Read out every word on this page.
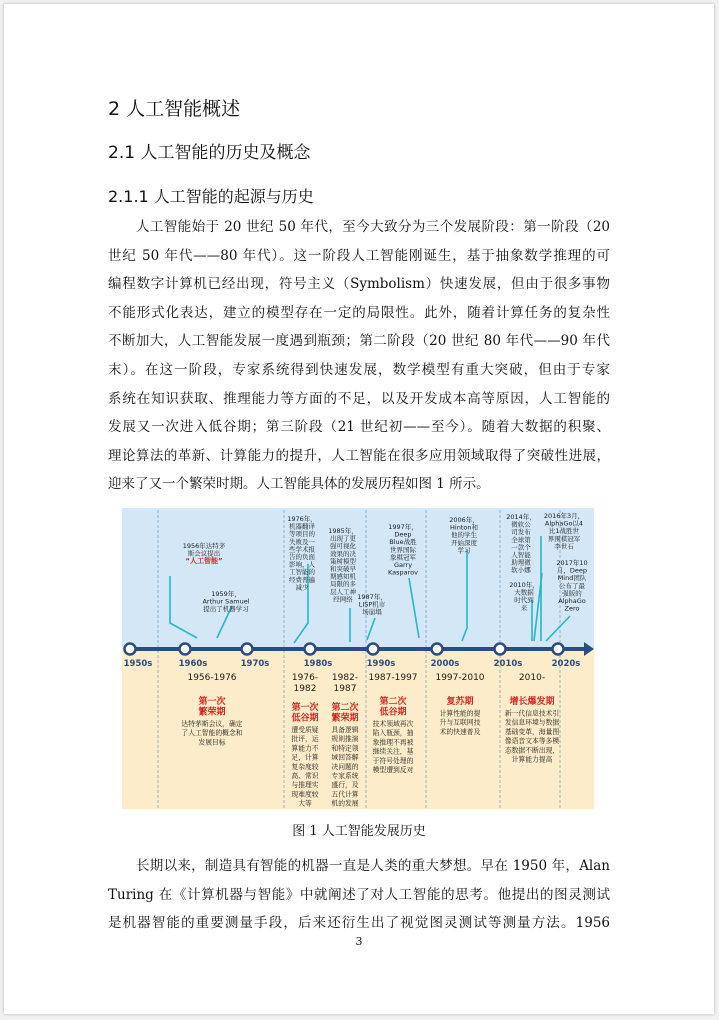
2 人工智能概述
2.1 人工智能的历史及概念
2.1.1 人工智能的起源与历史
人工智能始于 20 世纪 50 年代，至今大致分为三个发展阶段：第一阶段（20
世纪 50 年代——80 年代）。这一阶段人工智能刚诞生，基于抽象数学推理的可
编程数字计算机已经出现，符号主义（Symbolism）快速发展，但由于很多事物
不能形式化表达，建立的模型存在一定的局限性。此外，随着计算任务的复杂性
不断加大，人工智能发展一度遇到瓶颈；第二阶段（20 世纪 80 年代——90 年代
末）。在这一阶段，专家系统得到快速发展，数学模型有重大突破，但由于专家
系统在知识获取、推理能力等方面的不足，以及开发成本高等原因，人工智能的
发展又一次进入低谷期；第三阶段（21 世纪初——至今）。随着大数据的积聚、
理论算法的革新、计算能力的提升，人工智能在很多应用领域取得了突破性进展，
迎来了又一个繁荣时期。人工智能具体的发展历程如图 1 所示。
1950s	1960s	1970s	1980s	1990s	2000s	2010s	2020s
1956年达特茅
斯会议提出
“人工智能”
1959年，
Arthur Samuel
提出了机器学习
1976年，
机器翻译
等项目的
失败及一
些学术报
告的负面
影响，人
工智能的
经费普遍
减少
1985年，
出现了更
强可视化
效果的决
策树模型
和突破早
期感知机
局限的多
层人工神
经网络
1997年，
Deep
Blue战胜
世界国际
象棋冠军
Garry
Kasparov
1987年，
LISP机市
场崩塌
2006年，
Hinton和
他的学生
开始深度
学习
2010年，
大数据
时代到
来
2014年，
微软公
司发布
全球第
一款个
人智能
助理微
软小娜
2016年3月，
AlphaGo以4
比1战胜世
界围棋冠军
李世石
2017年10
月，Deep
Mind团队
公布了最
强版的
AlphaGo
Zero
1956-1976
第一次
繁荣期
达特茅斯会议，确定
了人工智能的概念和
发展目标
1976-
1982
第一次
低谷期
遭受质疑
批评，运
算能力不
足，计算
复杂度较
高、常识
与推理实
现难度较
大等
1982-
1987
第二次
繁荣期
具备逻辑
规则推演
和特定领
域回答解
决问题的
专家系统
盛行，及
五代计算
机的发展
1987-1997
第二次
低谷期
技术领域再次
陷入瓶颈，抽
象推理不再被
继续关注，基
于符号处理的
模型遭到反对
1997-2010
复苏期
计算性能的提
升与互联网技
术的快速普及
2010-
增长爆发期
新一代信息技术引
发信息环境与数据
基础变革，海量图
像语音文本等多模
态数据不断出现，
计算能力提高
图 1 人工智能发展历史
长期以来，制造具有智能的机器一直是人类的重大梦想。早在 1950 年，Alan
Turing 在《计算机器与智能》中就阐述了对人工智能的思考。他提出的图灵测试
是机器智能的重要测量手段，后来还衍生出了视觉图灵测试等测量方法。1956
3
